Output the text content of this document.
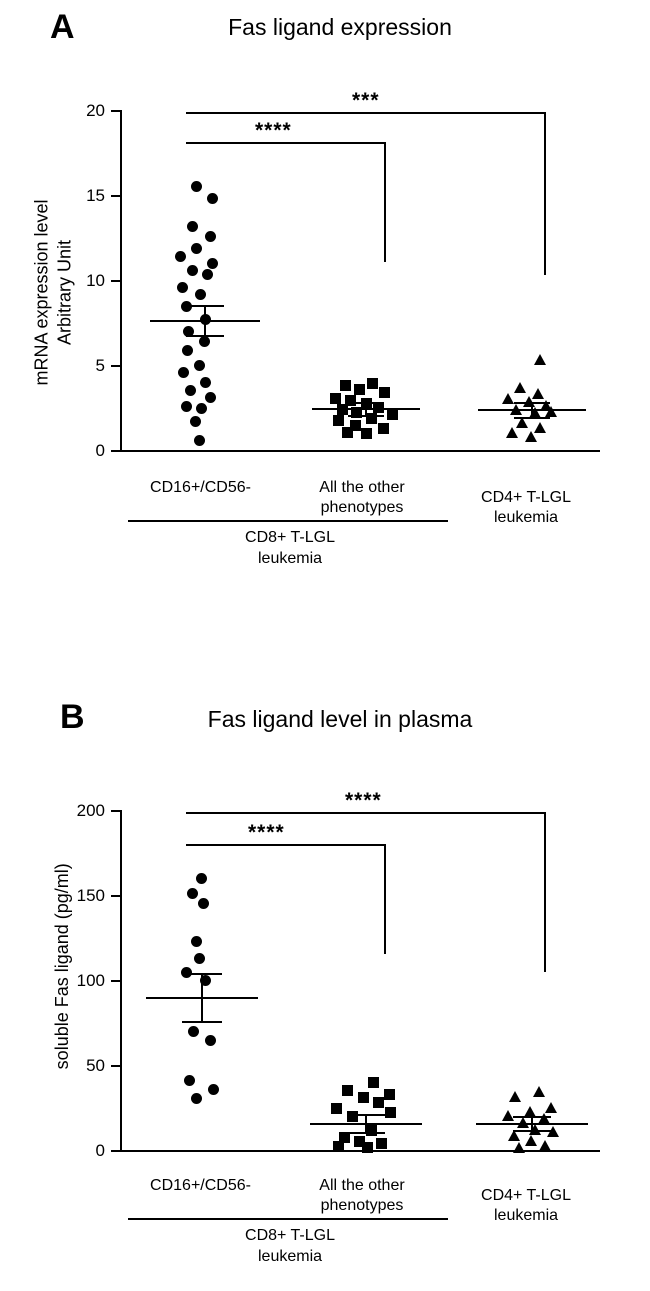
A	Fas ligand expression
mRNA expression level Arbitrary Unit
20
15
10
5
0
****
***
CD16+/CD56-	All the other
phenotypes
CD4+ T-LGL
leukemia
CD8+ T-LGL
leukemia
B	Fas ligand level in plasma
soluble Fas ligand (pg/ml)
200
150
100
50
0
****
****
CD16+/CD56-	All the other
phenotypes
CD4+ T-LGL
leukemia
CD8+ T-LGL
leukemia
